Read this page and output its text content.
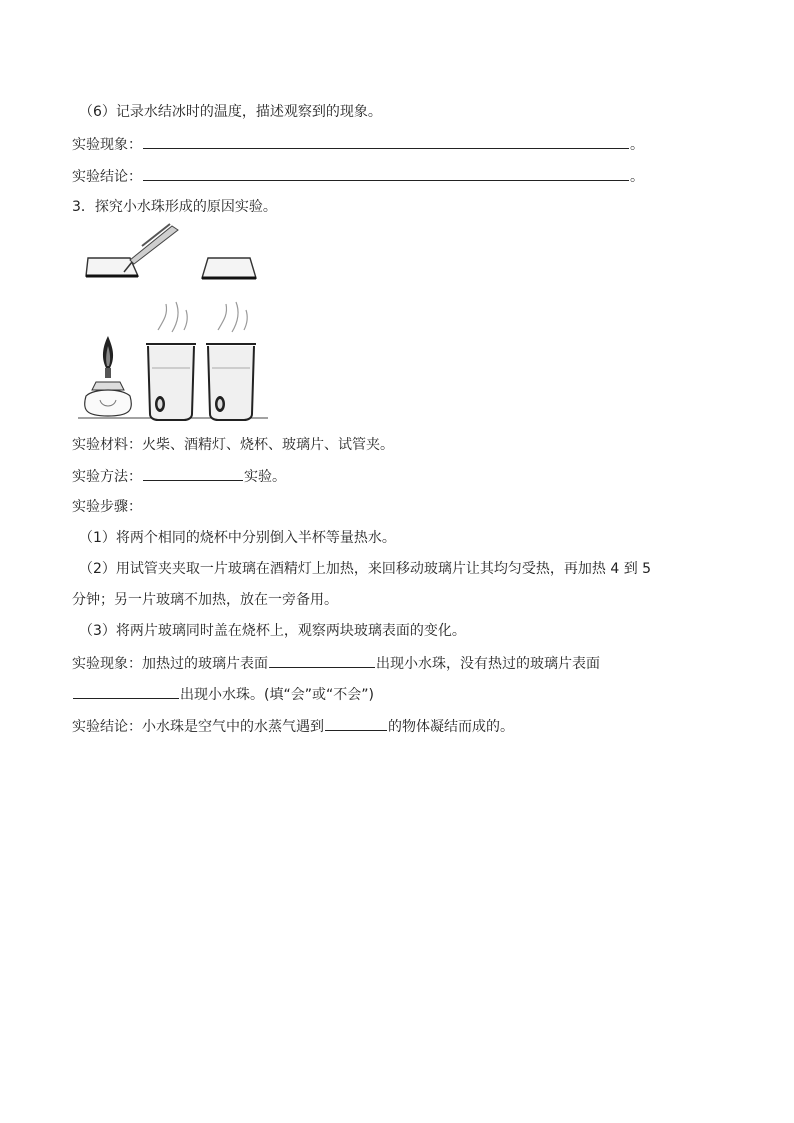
（6）记录水结冰时的温度，描述观察到的现象。
实验现象：	。
实验结论：	。
3．探究小水珠形成的原因实验。
实验材料：火柴、酒精灯、烧杯、玻璃片、试管夹。
实验方法：	实验。
实验步骤：
（1）将两个相同的烧杯中分别倒入半杯等量热水。
（2）用试管夹夹取一片玻璃在酒精灯上加热，来回移动玻璃片让其均匀受热，再加热 4 到 5
分钟；另一片玻璃不加热，放在一旁备用。
（3）将两片玻璃同时盖在烧杯上，观察两块玻璃表面的变化。
实验现象：加热过的玻璃片表面	出现小水珠，没有热过的玻璃片表面
出现小水珠。(填“会”或“不会”)
实验结论：小水珠是空气中的水蒸气遇到	的物体凝结而成的。
